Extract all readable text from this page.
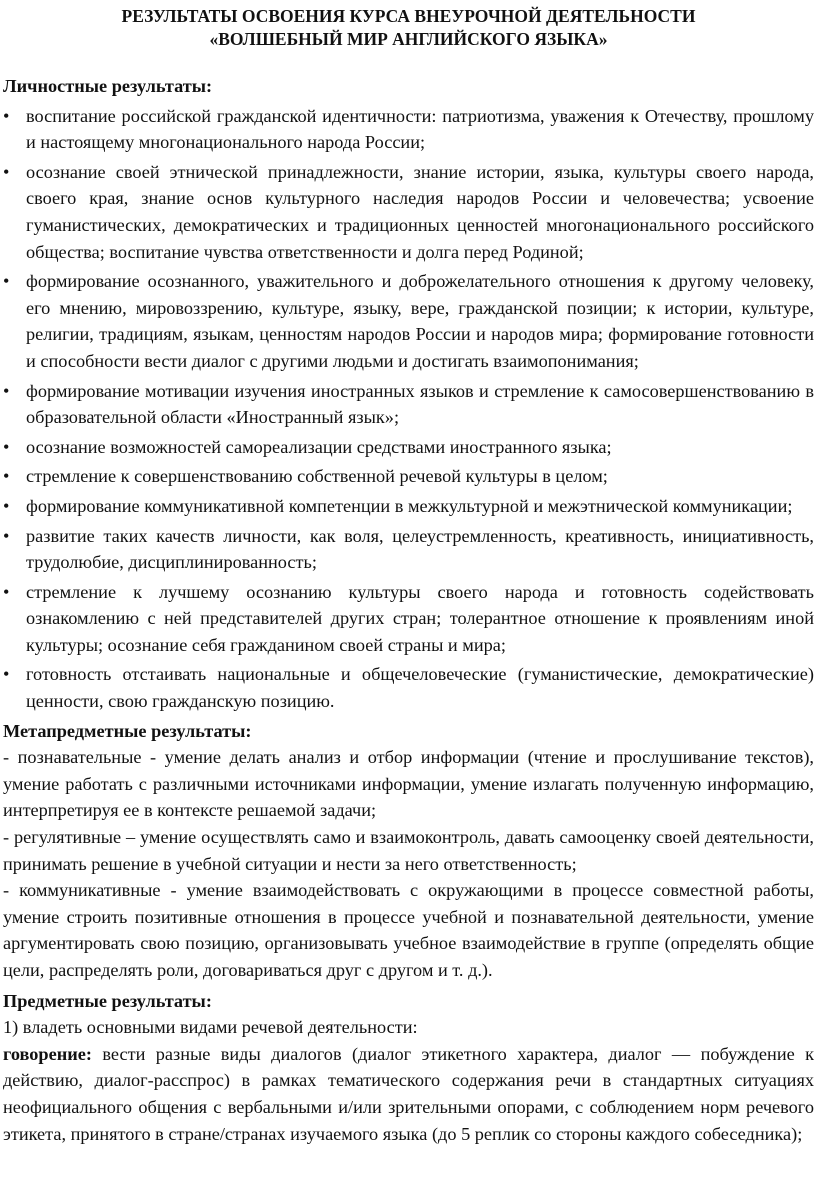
РЕЗУЛЬТАТЫ ОСВОЕНИЯ КУРСА ВНЕУРОЧНОЙ ДЕЯТЕЛЬНОСТИ
«ВОЛШЕБНЫЙ МИР АНГЛИЙСКОГО ЯЗЫКА»
Личностные результаты:
• воспитание российской гражданской идентичности: патриотизма, уважения к Отечеству, прошлому и настоящему многонационального народа России;
• осознание своей этнической принадлежности, знание истории, языка, культуры своего народа, своего края, знание основ культурного наследия народов России и человечества; усвоение гуманистических, демократических и традиционных ценностей многонационального российского общества; воспитание чувства ответственности и долга перед Родиной;
• формирование осознанного, уважительного и доброжелательного отношения к другому человеку, его мнению, мировоззрению, культуре, языку, вере, гражданской позиции; к истории, культуре, религии, традициям, языкам, ценностям народов России и народов мира; формирование готовности и способности вести диалог с другими людьми и достигать взаимопонимания;
• формирование мотивации изучения иностранных языков и стремление к самосовершенствованию в образовательной области «Иностранный язык»;
• осознание возможностей самореализации средствами иностранного языка;
• стремление к совершенствованию собственной речевой культуры в целом;
• формирование коммуникативной компетенции в межкультурной и межэтнической коммуникации;
• развитие таких качеств личности, как воля, целеустремленность, креативность, инициативность, трудолюбие, дисциплинированность;
• стремление к лучшему осознанию культуры своего народа и готовность содействовать ознакомлению с ней представителей других стран; толерантное отношение к проявлениям иной культуры; осознание себя гражданином своей страны и мира;
• готовность отстаивать национальные и общечеловеческие (гуманистические, демократические) ценности, свою гражданскую позицию.
Метапредметные результаты:

- познавательные - умение делать анализ и отбор информации (чтение и прослушивание текстов), умение работать с различными источниками информации, умение излагать полученную информацию, интерпретируя ее в контексте решаемой задачи;

- регулятивные – умение осуществлять само и взаимоконтроль, давать самооценку своей деятельности, принимать решение в учебной ситуации и нести за него ответственность;

- коммуникативные - умение взаимодействовать с окружающими в процессе совместной работы, умение строить позитивные отношения в процессе учебной и познавательной деятельности, умение аргументировать свою позицию, организовывать учебное взаимодействие в группе (определять общие цели, распределять роли, договариваться друг с другом и т. д.).

Предметные результаты:

1) владеть основными видами речевой деятельности:

говорение: вести разные виды диалогов (диалог этикетного характера, диалог — побуждение к действию, диалог-расспрос) в рамках тематического содержания речи в стандартных ситуациях неофициального общения с вербальными и/или зрительными опорами, с соблюдением норм речевого этикета, принятого в стране/странах изучаемого языка (до 5 реплик со стороны каждого собеседника);
